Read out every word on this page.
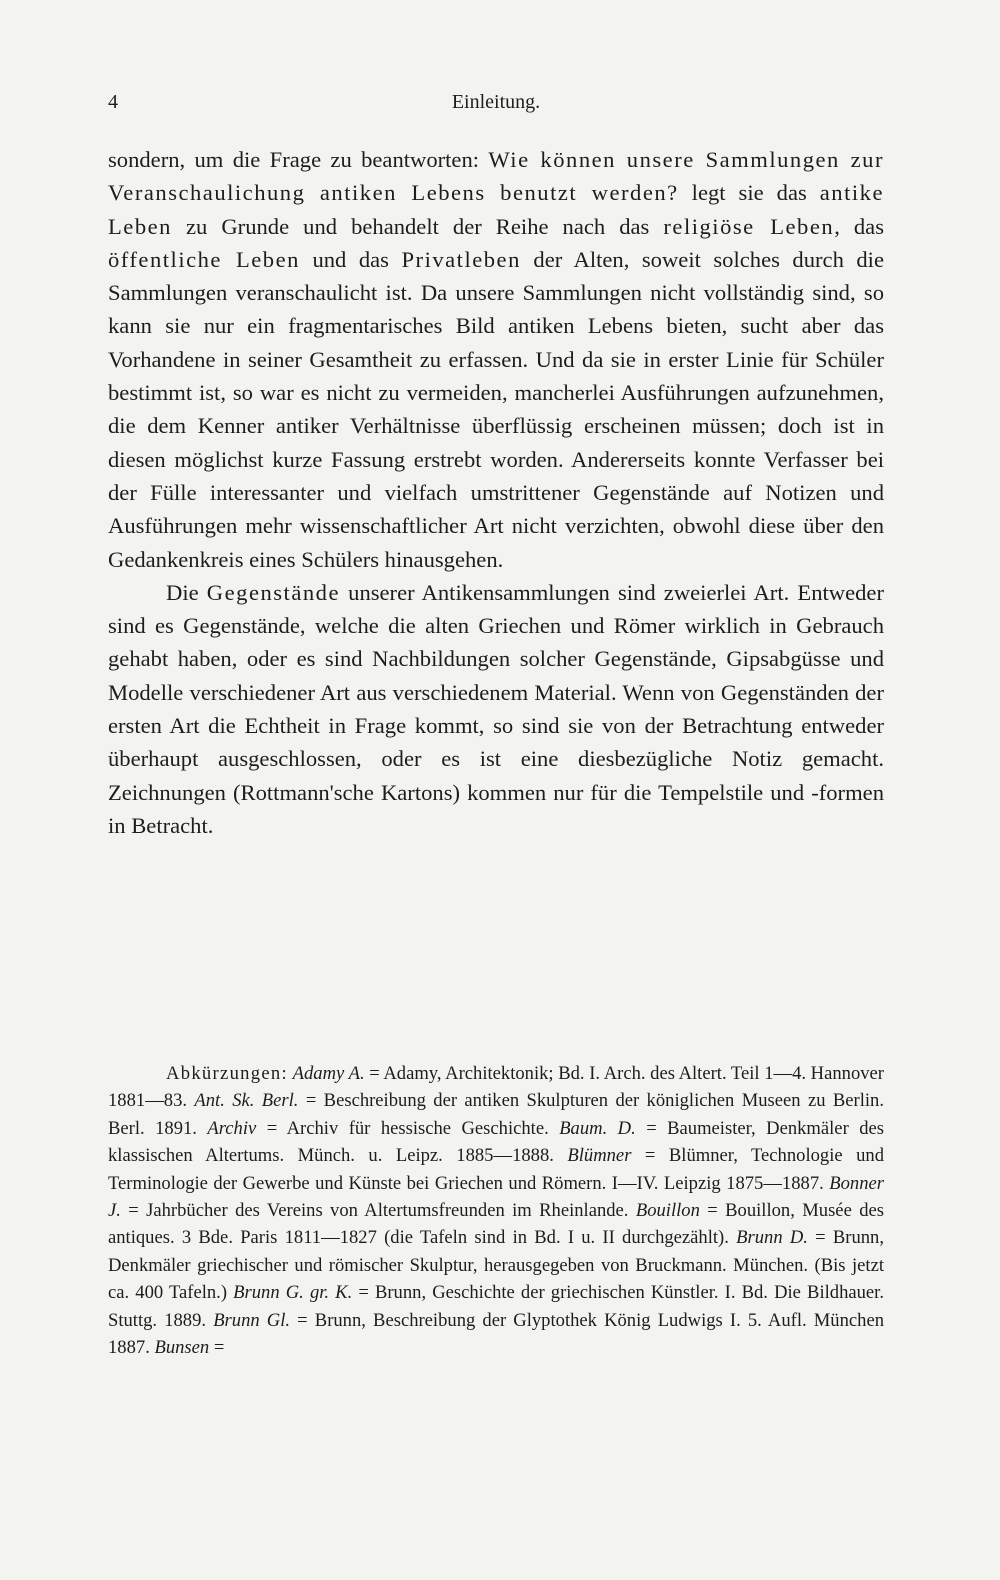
4	Einleitung.

sondern, um die Frage zu beantworten: Wie können unsere Sammlungen zur Veranschaulichung antiken Lebens benutzt werden? legt sie das antike Leben zu Grunde und behandelt der Reihe nach das religiöse Leben, das öffentliche Leben und das Privatleben der Alten, soweit solches durch die Sammlungen veranschaulicht ist. Da unsere Sammlungen nicht vollständig sind, so kann sie nur ein fragmentarisches Bild antiken Lebens bieten, sucht aber das Vorhandene in seiner Gesamtheit zu erfassen. Und da sie in erster Linie für Schüler bestimmt ist, so war es nicht zu vermeiden, mancherlei Ausführungen aufzunehmen, die dem Kenner antiker Verhältnisse überflüssig erscheinen müssen; doch ist in diesen möglichst kurze Fassung erstrebt worden. Andererseits konnte Verfasser bei der Fülle interessanter und vielfach umstrittener Gegenstände auf Notizen und Ausführungen mehr wissenschaftlicher Art nicht verzichten, obwohl diese über den Gedankenkreis eines Schülers hinausgehen.

Die Gegenstände unserer Antikensammlungen sind zweierlei Art. Entweder sind es Gegenstände, welche die alten Griechen und Römer wirklich in Gebrauch gehabt haben, oder es sind Nachbildungen solcher Gegenstände, Gipsabgüsse und Modelle verschiedener Art aus verschiedenem Material. Wenn von Gegenständen der ersten Art die Echtheit in Frage kommt, so sind sie von der Betrachtung entweder überhaupt ausgeschlossen, oder es ist eine diesbezügliche Notiz gemacht. Zeichnungen (Rottmann'sche Kartons) kommen nur für die Tempelstile und -formen in Betracht.

Abkürzungen: Adamy A. = Adamy, Architektonik; Bd. I. Arch. des Altert. Teil 1—4. Hannover 1881—83. Ant. Sk. Berl. = Beschreibung der antiken Skulpturen der königlichen Museen zu Berlin. Berl. 1891. Archiv = Archiv für hessische Geschichte. Baum. D. = Baumeister, Denkmäler des klassischen Altertums. Münch. u. Leipz. 1885—1888. Blümner = Blümner, Technologie und Terminologie der Gewerbe und Künste bei Griechen und Römern. I—IV. Leipzig 1875—1887. Bonner J. = Jahrbücher des Vereins von Altertumsfreunden im Rheinlande. Bouillon = Bouillon, Musée des antiques. 3 Bde. Paris 1811—1827 (die Tafeln sind in Bd. I u. II durchgezählt). Brunn D. = Brunn, Denkmäler griechischer und römischer Skulptur, herausgegeben von Bruckmann. München. (Bis jetzt ca. 400 Tafeln.) Brunn G. gr. K. = Brunn, Geschichte der griechischen Künstler. I. Bd. Die Bildhauer. Stuttg. 1889. Brunn Gl. = Brunn, Beschreibung der Glyptothek König Ludwigs I. 5. Aufl. München 1887. Bunsen =
